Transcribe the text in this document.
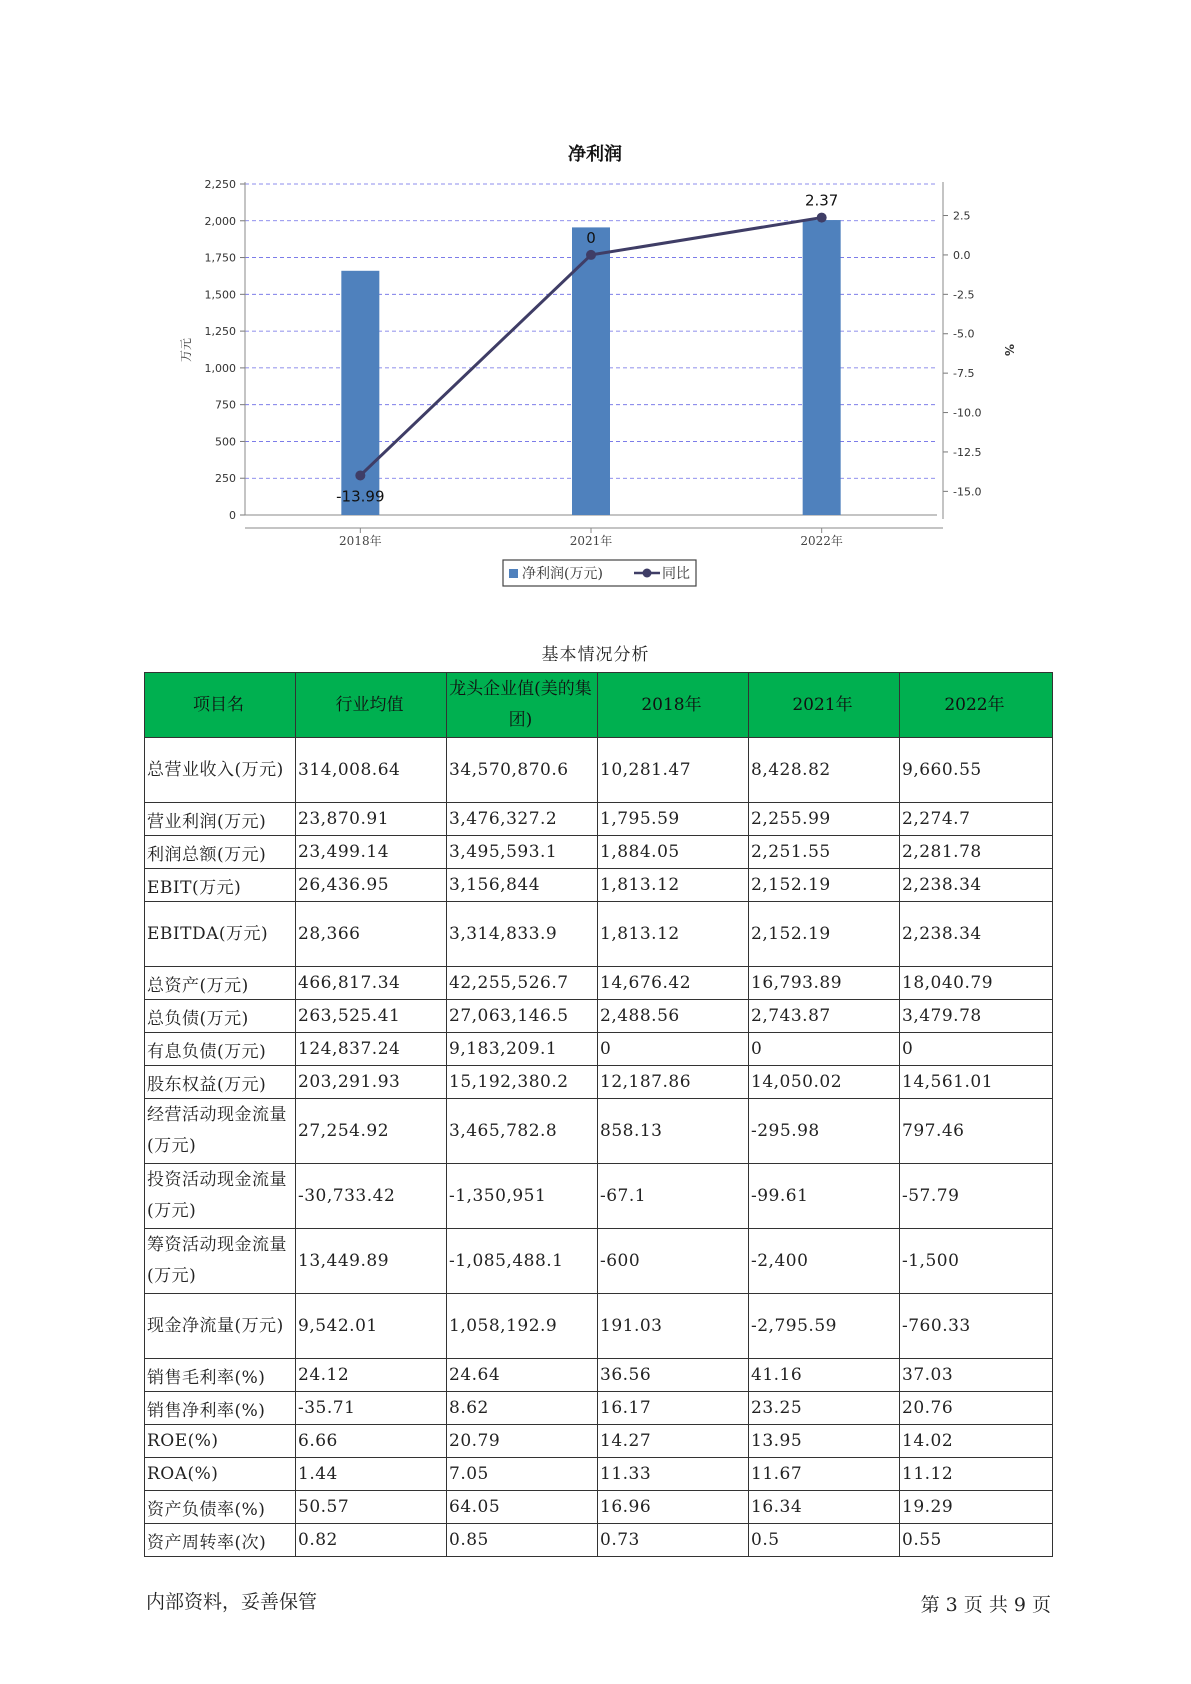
净利润
0
250
500
750
1,000
1,250
1,500
1,750
2,000
2,250
2.5
0.0
-2.5
-5.0
-7.5
-10.0
-12.5
-15.0
万元	%
2018年	2021年	2022年
-13.99
0
2.37
净利润(万元)	同比
基本情况分析
项目名	行业均值	龙头企业值(美的集团)	2018年	2021年	2022年
总营业收入(万元)	314,008.64	34,570,870.6	10,281.47	8,428.82	9,660.55
营业利润(万元)	23,870.91	3,476,327.2	1,795.59	2,255.99	2,274.7
利润总额(万元)	23,499.14	3,495,593.1	1,884.05	2,251.55	2,281.78
EBIT(万元)	26,436.95	3,156,844	1,813.12	2,152.19	2,238.34
EBITDA(万元)	28,366	3,314,833.9	1,813.12	2,152.19	2,238.34
总资产(万元)	466,817.34	42,255,526.7	14,676.42	16,793.89	18,040.79
总负债(万元)	263,525.41	27,063,146.5	2,488.56	2,743.87	3,479.78
有息负债(万元)	124,837.24	9,183,209.1	0	0	0
股东权益(万元)	203,291.93	15,192,380.2	12,187.86	14,050.02	14,561.01
经营活动现金流量(万元)	27,254.92	3,465,782.8	858.13	-295.98	797.46
投资活动现金流量(万元)	-30,733.42	-1,350,951	-67.1	-99.61	-57.79
筹资活动现金流量(万元)	13,449.89	-1,085,488.1	-600	-2,400	-1,500
现金净流量(万元)	9,542.01	1,058,192.9	191.03	-2,795.59	-760.33
销售毛利率(%)	24.12	24.64	36.56	41.16	37.03
销售净利率(%)	-35.71	8.62	16.17	23.25	20.76
ROE(%)	6.66	20.79	14.27	13.95	14.02
ROA(%)	1.44	7.05	11.33	11.67	11.12
资产负债率(%)	50.57	64.05	16.96	16.34	19.29
资产周转率(次)	0.82	0.85	0.73	0.5	0.55
内部资料，妥善保管	第 3 页 共 9 页
